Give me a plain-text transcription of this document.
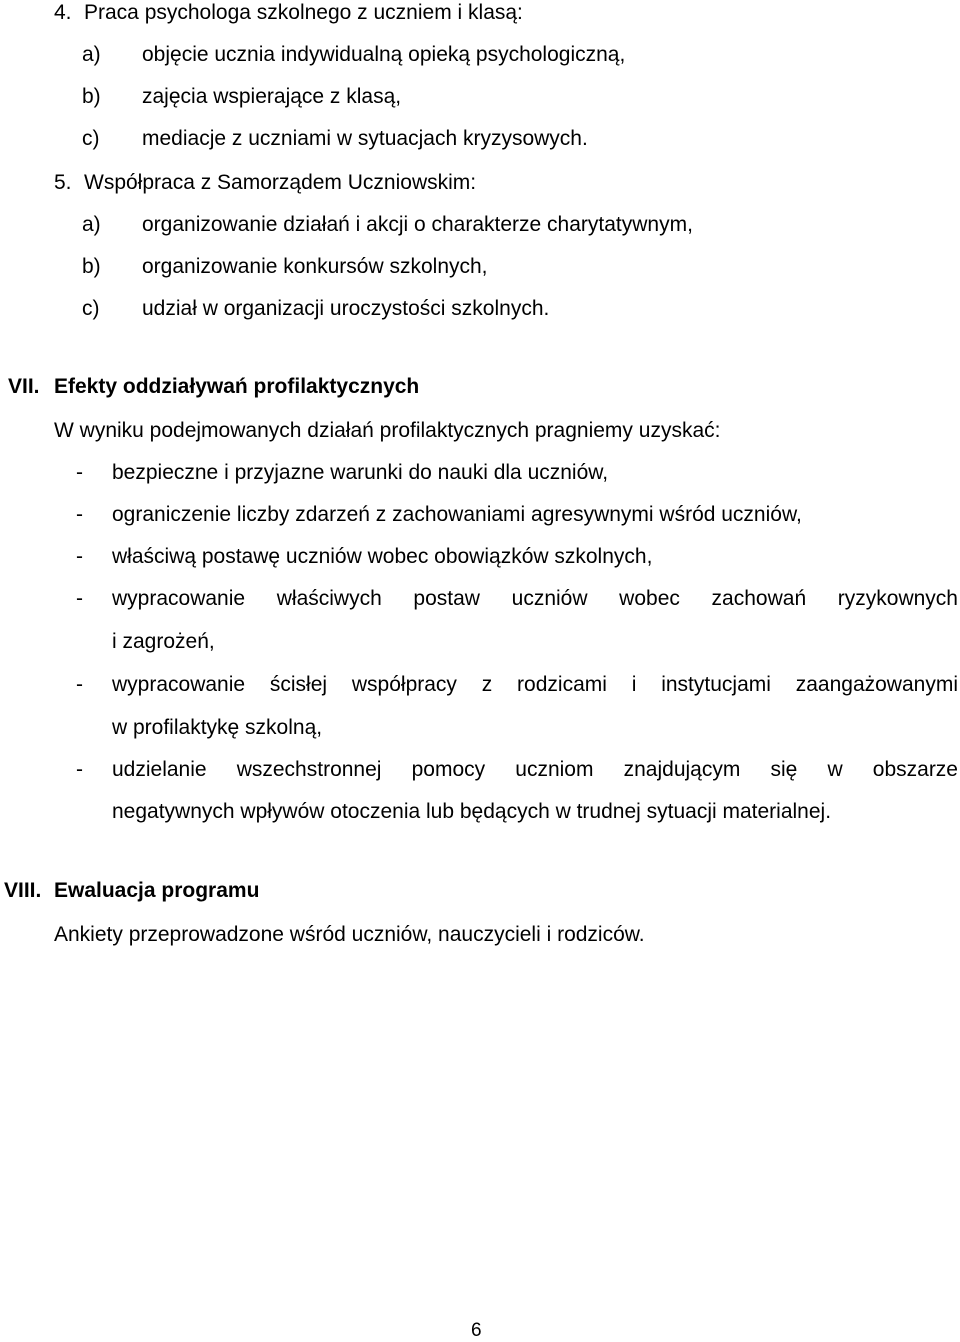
4. Praca psychologa szkolnego z uczniem i klasą:
a) objęcie ucznia indywidualną opieką psychologiczną,
b) zajęcia wspierające z klasą,
c) mediacje z uczniami w sytuacjach kryzysowych.
5. Współpraca z Samorządem Uczniowskim:
a) organizowanie działań i akcji o charakterze charytatywnym,
b) organizowanie konkursów szkolnych,
c) udział w organizacji uroczystości szkolnych.
VII. Efekty oddziaływań profilaktycznych
W wyniku podejmowanych działań profilaktycznych pragniemy uzyskać:
- bezpieczne i przyjazne warunki do nauki dla uczniów,
- ograniczenie liczby zdarzeń z zachowaniami agresywnymi wśród uczniów,
- właściwą postawę uczniów wobec obowiązków szkolnych,
- wypracowanie właściwych postaw uczniów wobec zachowań ryzykownych
i zagrożeń,
- wypracowanie ścisłej współpracy z rodzicami i instytucjami zaangażowanymi
w profilaktykę szkolną,
- udzielanie wszechstronnej pomocy uczniom znajdującym się w obszarze
negatywnych wpływów otoczenia lub będących w trudnej sytuacji materialnej.
VIII. Ewaluacja programu
Ankiety przeprowadzone wśród uczniów, nauczycieli i rodziców.
6
